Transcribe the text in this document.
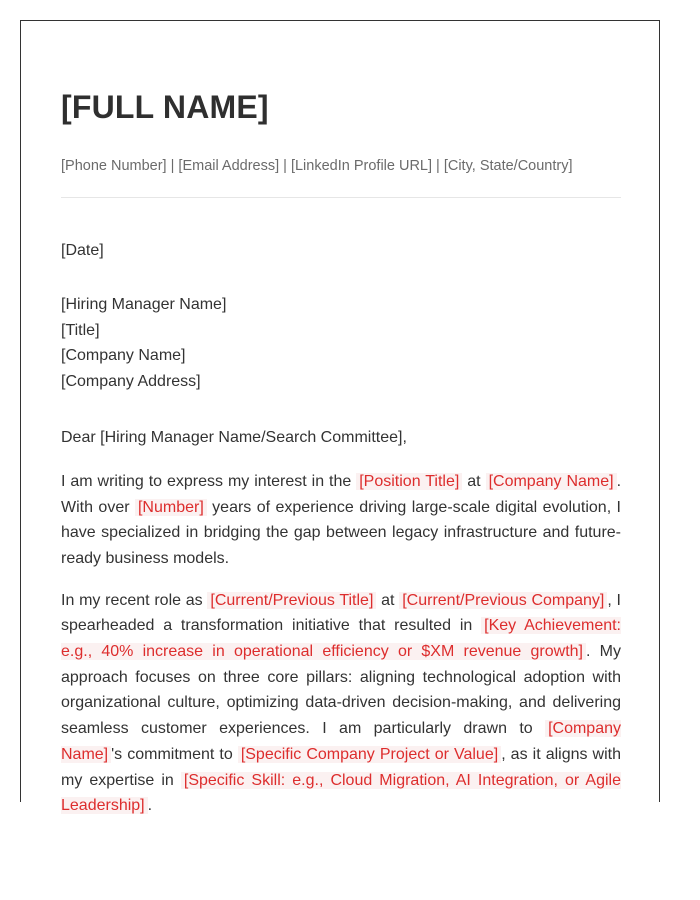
[FULL NAME]
[Phone Number] | [Email Address] | [LinkedIn Profile URL] | [City, State/Country]
[Date]
[Hiring Manager Name]
[Title]
[Company Name]
[Company Address]
Dear [Hiring Manager Name/Search Committee],

I am writing to express my interest in the [Position Title] at [Company Name] . With over [Number] years of experience driving large-scale digital evolution, I have specialized in bridging the gap between legacy infrastructure and future-ready business models.

In my recent role as [Current/Previous Title] at [Current/Previous Company] , I spearheaded a transformation initiative that resulted in [Key Achievement: e.g., 40% increase in operational efficiency or $XM revenue growth] . My approach focuses on three core pillars: aligning technological adoption with organizational culture, optimizing data-driven decision-making, and delivering seamless customer experiences. I am particularly drawn to [Company Name] 's commitment to [Specific Company Project or Value] , as it aligns with my expertise in [Specific Skill: e.g., Cloud Migration, AI Integration, or Agile Leadership] .
